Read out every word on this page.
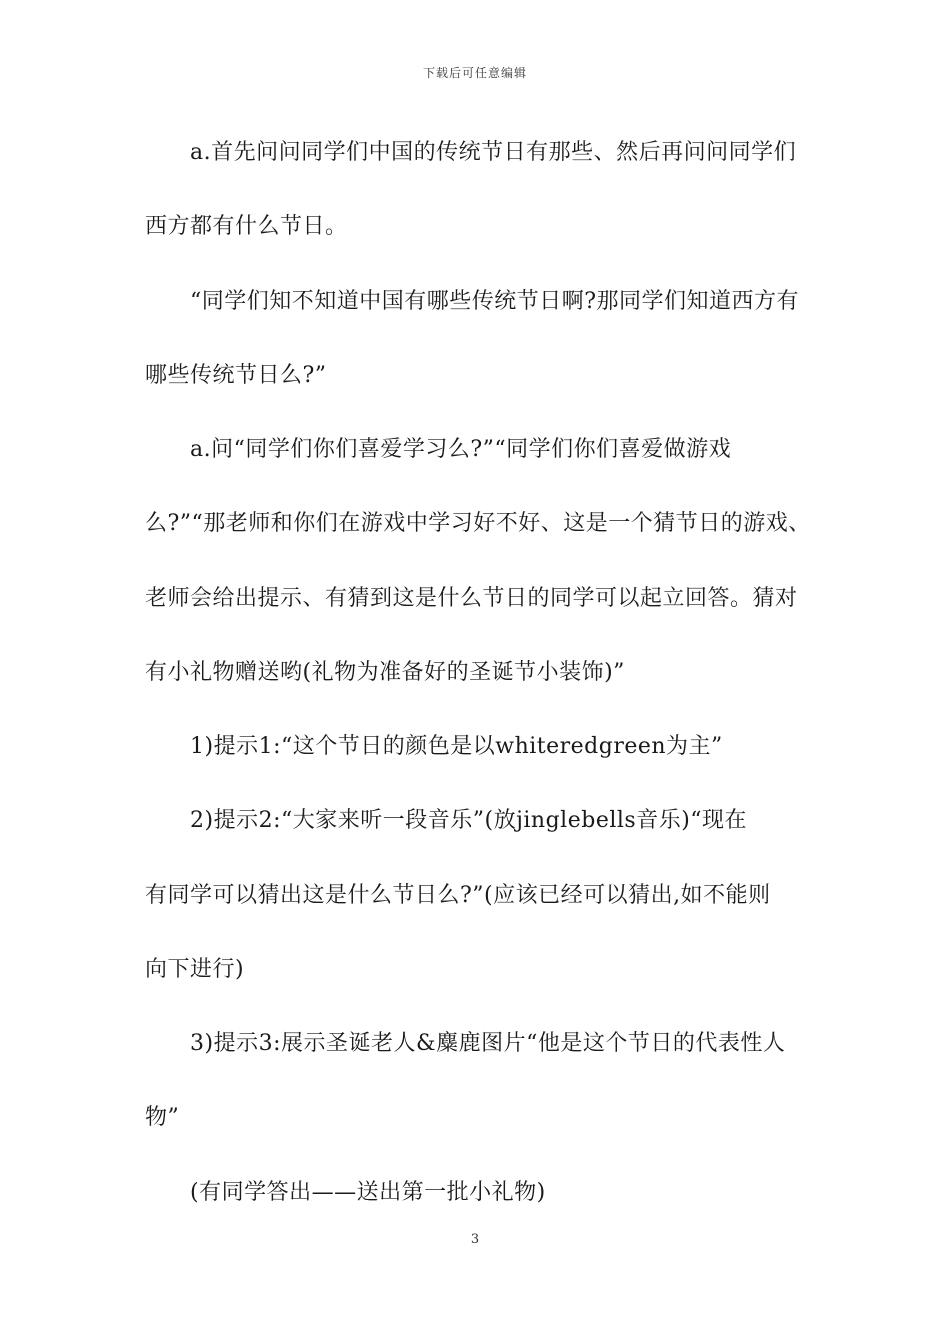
下载后可任意编辑
a.首先问问同学们中国的传统节日有那些、然后再问问同学们
西方都有什么节日。
“同学们知不知道中国有哪些传统节日啊?那同学们知道西方有
哪些传统节日么?”
a.问“同学们你们喜爱学习么?”“同学们你们喜爱做游戏
么?”“那老师和你们在游戏中学习好不好、这是一个猜节日的游戏、
老师会给出提示、有猜到这是什么节日的同学可以起立回答。猜对
有小礼物赠送哟(礼物为准备好的圣诞节小装饰)”
1)提示1:“这个节日的颜色是以whiteredgreen为主”
2)提示2:“大家来听一段音乐”(放jinglebells音乐)“现在
有同学可以猜出这是什么节日么?”(应该已经可以猜出,如不能则
向下进行)
3)提示3:展示圣诞老人&麋鹿图片“他是这个节日的代表性人
物”
(有同学答出——送出第一批小礼物)
3
